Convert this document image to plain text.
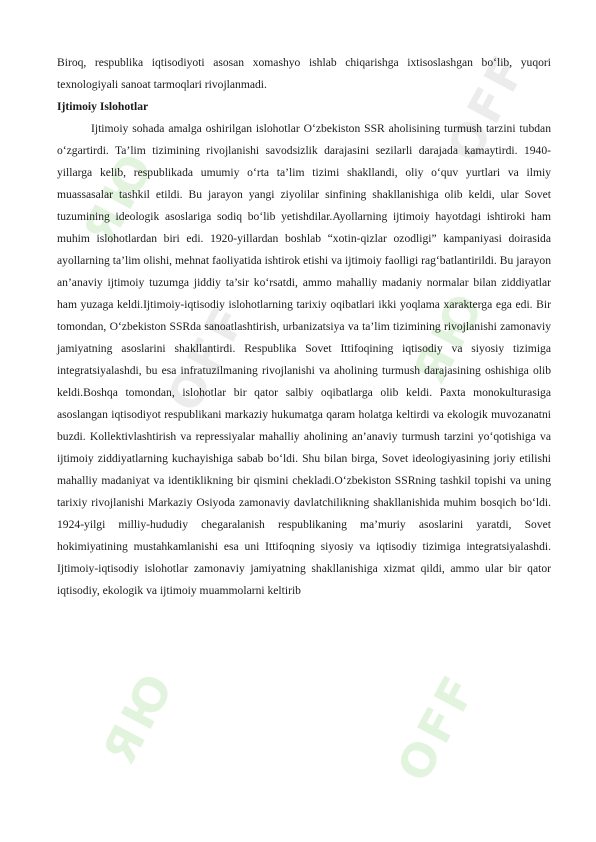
ЯЮ
OFF
ЯЮ
OFF
ЯЮ	OFF

Biroq, respublika iqtisodiyoti asosan xomashyo ishlab chiqarishga ixtisoslashgan bo‘lib, yuqori texnologiyali sanoat tarmoqlari rivojlanmadi.

Ijtimoiy Islohotlar

Ijtimoiy sohada amalga oshirilgan islohotlar O‘zbekiston SSR aholisining turmush tarzini tubdan o‘zgartirdi. Ta’lim tizimining rivojlanishi savodsizlik darajasini sezilarli darajada kamaytirdi. 1940-yillarga kelib, respublikada umumiy o‘rta ta’lim tizimi shakllandi, oliy o‘quv yurtlari va ilmiy muassasalar tashkil etildi. Bu jarayon yangi ziyolilar sinfining shakllanishiga olib keldi, ular Sovet tuzumining ideologik asoslariga sodiq bo‘lib yetishdilar.Ayollarning ijtimoiy hayotdagi ishtiroki ham muhim islohotlardan biri edi. 1920-yillardan boshlab “xotin-qizlar ozodligi” kampaniyasi doirasida ayollarning ta’lim olishi, mehnat faoliyatida ishtirok etishi va ijtimoiy faolligi rag‘batlantirildi. Bu jarayon an’anaviy ijtimoiy tuzumga jiddiy ta’sir ko‘rsatdi, ammo mahalliy madaniy normalar bilan ziddiyatlar ham yuzaga keldi.Ijtimoiy-iqtisodiy islohotlarning tarixiy oqibatlari ikki yoqlama xarakterga ega edi. Bir tomondan, O‘zbekiston SSRda sanoatlashtirish, urbanizatsiya va ta’lim tizimining rivojlanishi zamonaviy jamiyatning asoslarini shakllantirdi. Respublika Sovet Ittifoqining iqtisodiy va siyosiy tizimiga integratsiyalashdi, bu esa infratuzilmaning rivojlanishi va aholining turmush darajasining oshishiga olib keldi.Boshqa tomondan, islohotlar bir qator salbiy oqibatlarga olib keldi. Paxta monokulturasiga asoslangan iqtisodiyot respublikani markaziy hukumatga qaram holatga keltirdi va ekologik muvozanatni buzdi. Kollektivlashtirish va repressiyalar mahalliy aholining an’anaviy turmush tarzini yo‘qotishiga va ijtimoiy ziddiyatlarning kuchayishiga sabab bo‘ldi. Shu bilan birga, Sovet ideologiyasining joriy etilishi mahalliy madaniyat va identiklikning bir qismini chekladi.O‘zbekiston SSRning tashkil topishi va uning tarixiy rivojlanishi Markaziy Osiyoda zamonaviy davlatchilikning shakllanishida muhim bosqich bo‘ldi. 1924-yilgi milliy-hududiy chegaralanish respublikaning ma’muriy asoslarini yaratdi, Sovet hokimiyatining mustahkamlanishi esa uni Ittifoqning siyosiy va iqtisodiy tizimiga integratsiyalashdi. Ijtimoiy-iqtisodiy islohotlar zamonaviy jamiyatning shakllanishiga xizmat qildi, ammo ular bir qator iqtisodiy, ekologik va ijtimoiy muammolarni keltirib
